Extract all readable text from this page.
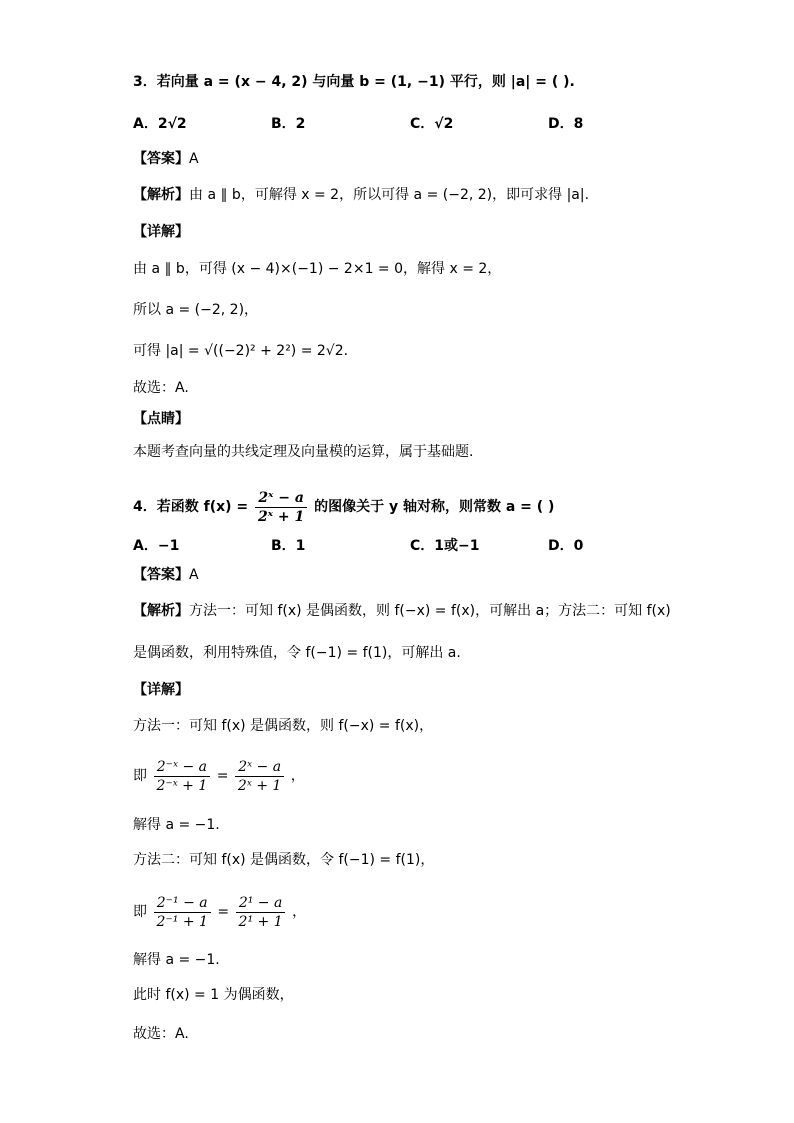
3．若向量 a = (x − 4, 2) 与向量 b = (1, −1) 平行，则 |a| = ( ).
A．2√2	B．2	C．√2	D．8
【答案】A
【解析】由 a ∥ b，可解得 x = 2，所以可得 a = (−2, 2)，即可求得 |a|.
【详解】
由 a ∥ b，可得 (x − 4)×(−1) − 2×1 = 0，解得 x = 2，
所以 a = (−2, 2)，
可得 |a| = √((−2)² + 2²) = 2√2.
故选：A.
【点睛】
本题考查向量的共线定理及向量模的运算，属于基础题.
4．若函数 $f(x) = \frac{\text{2ˣ − a}}{\text{2ˣ + 1}}$ 的图像关于 y 轴对称，则常数 a = ( )
A．−1	B．1	C．1或−1	D．0
【答案】A
【解析】方法一：可知 f(x) 是偶函数，则 f(−x) = f(x)，可解出 a；方法二：可知 f(x)
是偶函数，利用特殊值，令 f(−1) = f(1)，可解出 a.
【详解】
方法一：可知 f(x) 是偶函数，则 f(−x) = f(x)，
即 $\frac{\text{2⁻ˣ − a}}{\text{2⁻ˣ + 1}} = \frac{\text{2ˣ − a}}{\text{2ˣ + 1}}$ ，
解得 a = −1.
方法二：可知 f(x) 是偶函数，令 f(−1) = f(1)，
即 $\frac{\text{2⁻¹ − a}}{\text{2⁻¹ + 1}} = \frac{\text{2¹ − a}}{\text{2¹ + 1}}$ ，
解得 a = −1.
此时 f(x) = 1 为偶函数，
故选：A.
